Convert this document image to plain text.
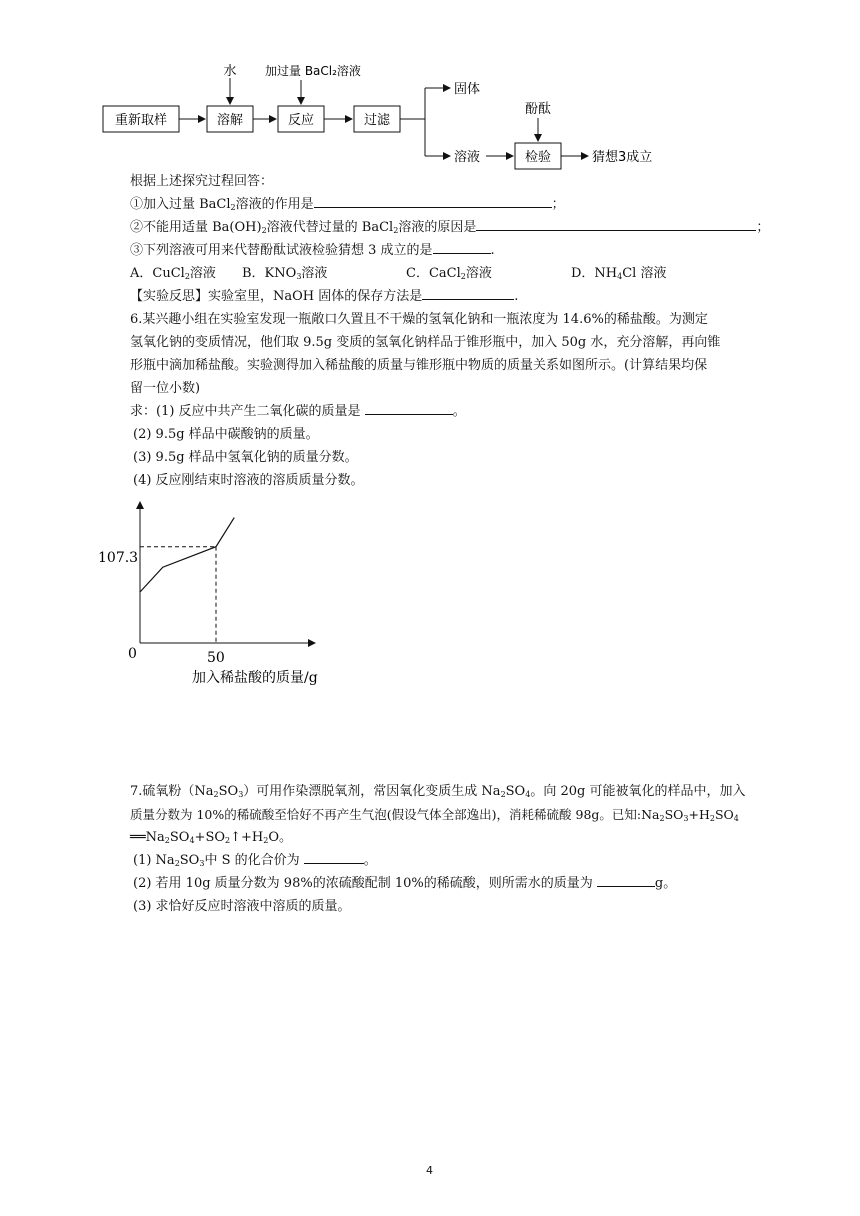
重新取样	溶解	反应	过滤
检验
水 加过量 BaCl₂溶液
固体
溶液
酚酞
猜想3成立
根据上述探究过程回答：
①加入过量 BaCl$_2$溶液的作用是	；
②不能用适量 $Ba(OH)_2$溶液代替过量的 BaCl$_2$溶液的原因是	；
③下列溶液可用来代替酚酞试液检验猜想 3 成立的是	.
A．CuCl$_2$溶液 B．$KNO_3$溶液	C．CaCl$_2$溶液	D．$NH_4Cl$ 溶液
【实验反思】实验室里，NaOH 固体的保存方法是	.
6.某兴趣小组在实验室发现一瓶敞口久置且不干燥的氢氧化钠和一瓶浓度为 14.6%的稀盐酸。为测定
氢氧化钠的变质情况，他们取 9.5g 变质的氢氧化钠样品于锥形瓶中，加入 50g 水，充分溶解，再向锥
形瓶中滴加稀盐酸。实验测得加入稀盐酸的质量与锥形瓶中物质的质量关系如图所示。(计算结果均保
留一位小数)
求：(1) 反应中共产生二氧化碳的质量是	。
(2) 9.5g 样品中碳酸钠的质量。
(3) 9.5g 样品中氢氧化钠的质量分数。
(4) 反应刚结束时溶液的溶质质量分数。
107.3
50
0
加入稀盐酸的质量/g
7.硫氧粉$(Na_2SO_3)$可用作染漂脱氧剂，常因氧化变质生成 $Na_2SO_4$。向 20g 可能被氧化的样品中，加入
质量分数为 10%的稀硫酸至恰好不再产生气泡(假设气体全部逸出)，消耗稀硫酸 98g。已知$:Na_2SO_3+H_2SO_4$
$══Na_2SO_4+SO_2↑+H_2O$。
(1) $Na_2SO_3$中 S 的化合价为	。
(2) 若用 10g 质量分数为 98%的浓硫酸配制 10%的稀硫酸，则所需水的质量为	g。
(3) 求恰好反应时溶液中溶质的质量。
4
